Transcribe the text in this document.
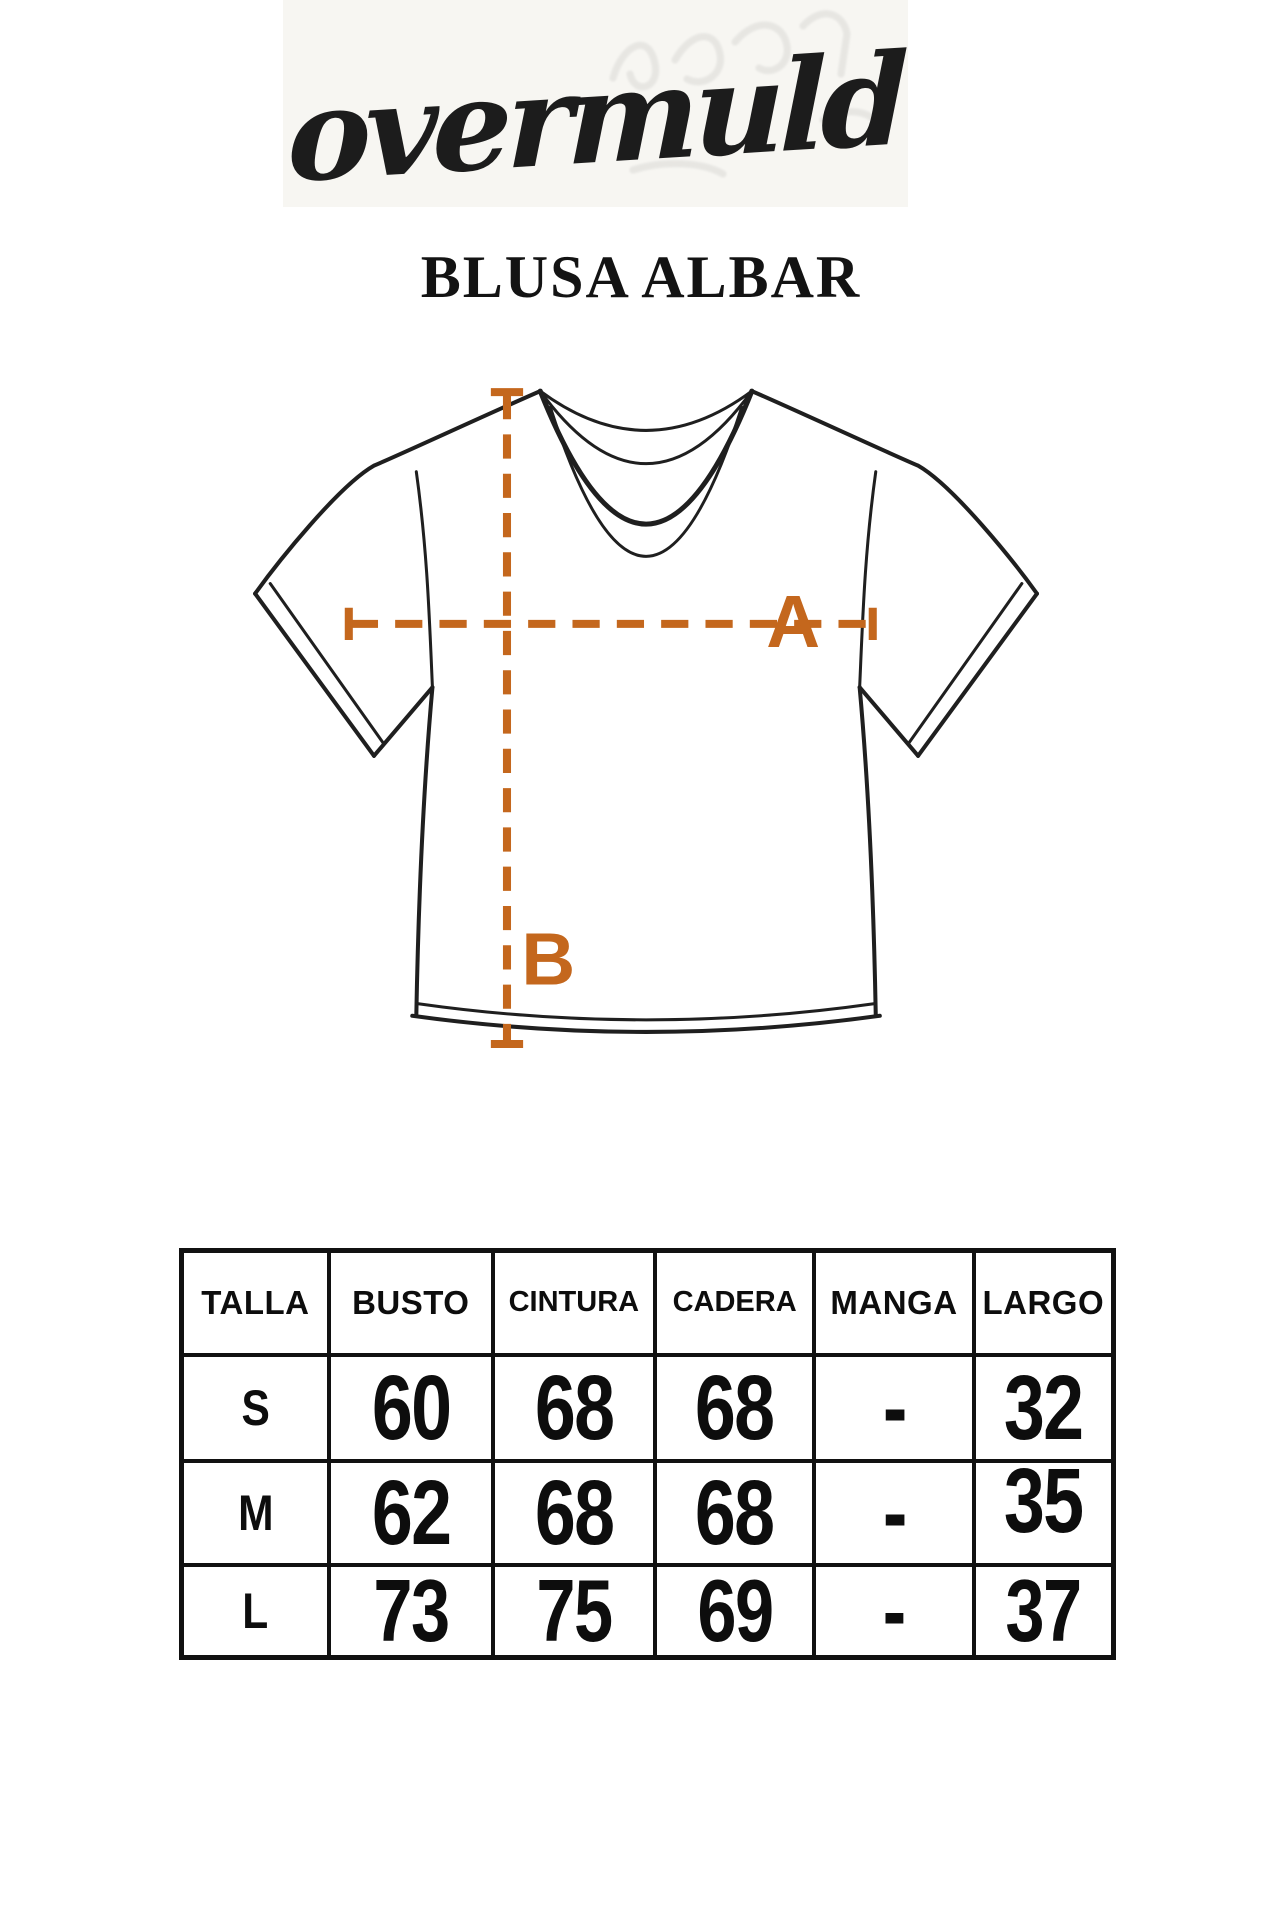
overmuld
BLUSA ALBAR
A
B
TALLA	BUSTO	CINTURA	CADERA	MANGA	LARGO
S	60	68	68	-	32
M	62	68	68	-	35
L	73	75	69	-	37
